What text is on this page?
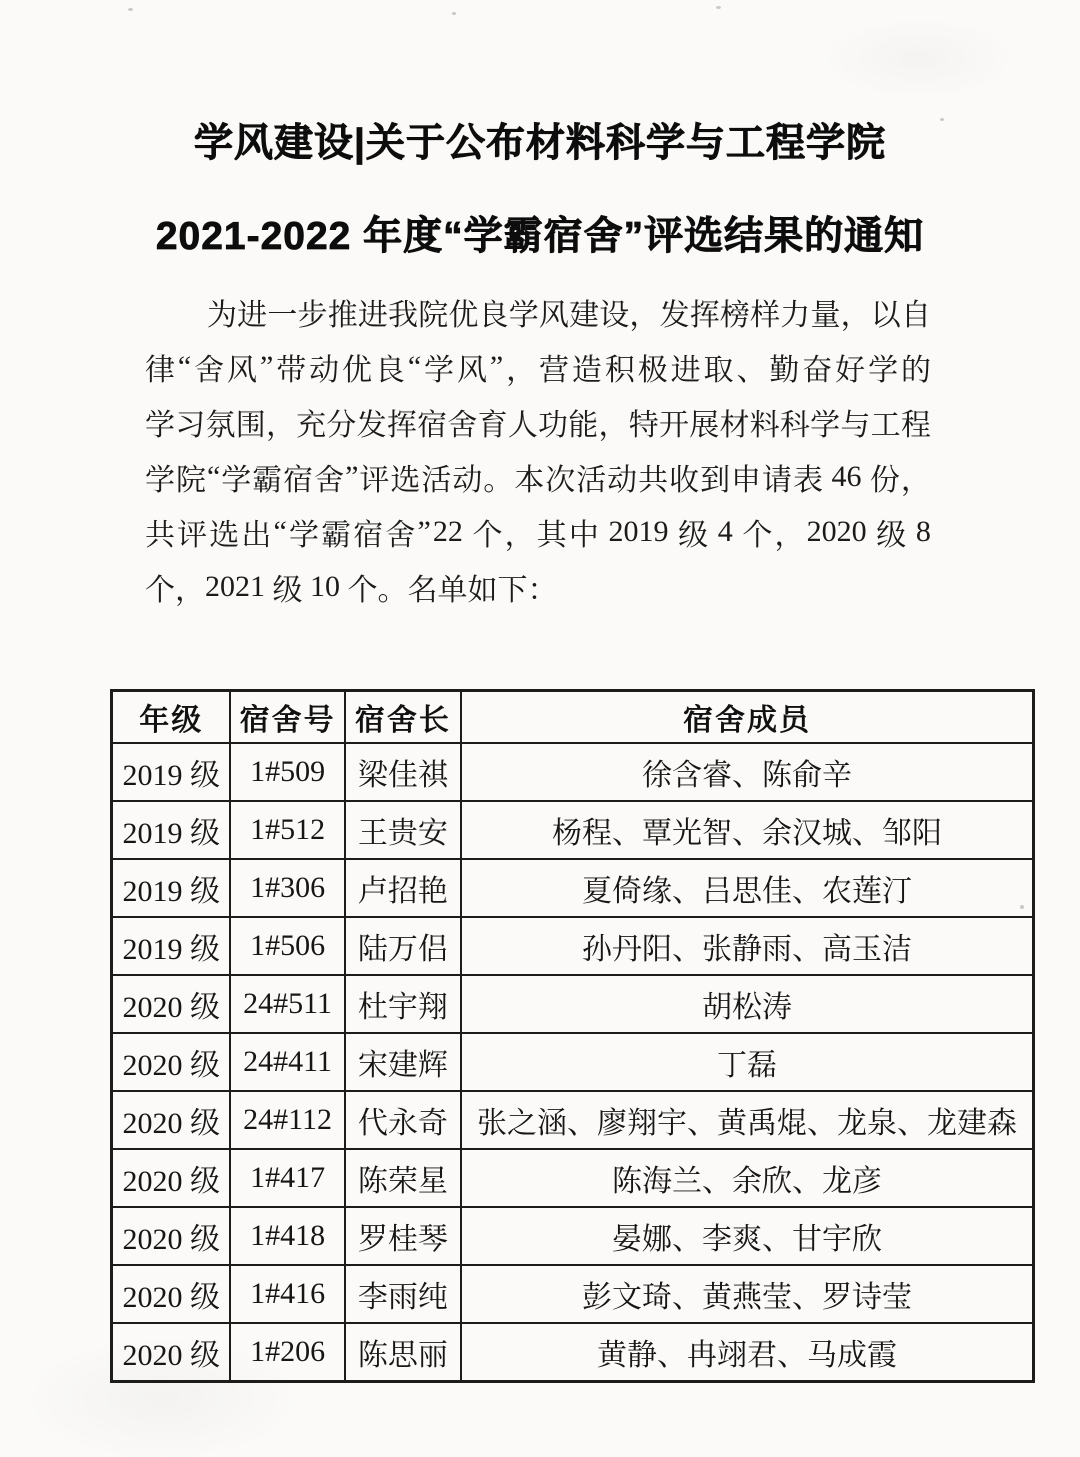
学风建设|关于公布材料科学与工程学院
2021-2022 年度“学霸宿舍”评选结果的通知
为 进 一 步 推 进 我 院 优 良 学 风 建 设 ， 发 挥 榜 样 力 量 ， 以 自
律 “ 舍 风 ” 带 动 优 良 “ 学 风 ” ， 营 造 积 极 进 取 、 勤 奋 好 学 的
学 习 氛 围 ， 充 分 发 挥 宿 舍 育 人 功 能 ， 特 开 展 材 料 科 学 与 工 程
学 院 “ 学 霸 宿 舍 ” 评 选 活 动 。 本 次 活 动 共 收 到 申 请 表 46 份 ，
共 评 选 出 “ 学 霸 宿 舍 ” 22 个 ， 其 中 2019 级 4 个 ， 2020 级 8
个 ， 2021 级 10 个 。 名 单 如 下 ：
年级	宿舍号	宿舍长	宿舍成员
2019 级	1#509	梁佳祺	徐含睿、陈俞辛
2019 级	1#512	王贵安	杨程、覃光智、余汉城、邹阳
2019 级	1#306	卢招艳	夏倚缘、吕思佳、农莲汀
2019 级	1#506	陆万侣	孙丹阳、张静雨、高玉洁
2020 级	24#511	杜宇翔	胡松涛
2020 级	24#411	宋建辉	丁磊
2020 级	24#112	代永奇	张之涵、廖翔宇、黄禹焜、龙泉、龙建森
2020 级	1#417	陈荣星	陈海兰、余欣、龙彦
2020 级	1#418	罗桂琴	晏娜、李爽、甘宇欣
2020 级	1#416	李雨纯	彭文琦、黄燕莹、罗诗莹
2020 级	1#206	陈思丽	黄静、冉翊君、马成霞
